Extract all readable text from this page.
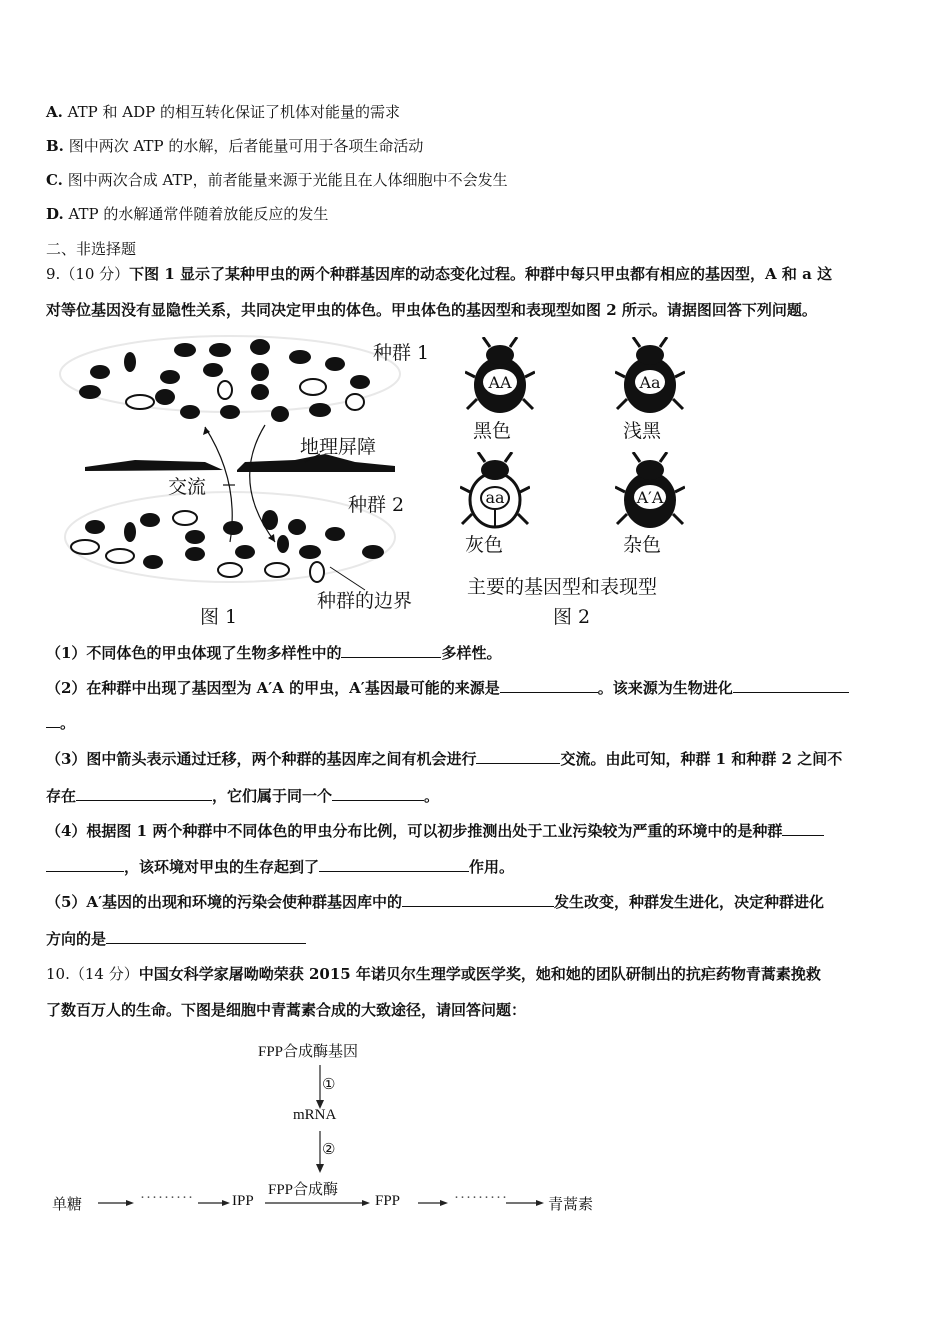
A. ATP 和 ADP 的相互转化保证了机体对能量的需求
B. 图中两次 ATP 的水解，后者能量可用于各项生命活动
C. 图中两次合成 ATP，前者能量来源于光能且在人体细胞中不会发生
D. ATP 的水解通常伴随着放能反应的发生
二、非选择题
9.（10 分）下图 1 显示了某种甲虫的两个种群基因库的动态变化过程。种群中每只甲虫都有相应的基因型，A 和 a 这
对等位基因没有显隐性关系，共同决定甲虫的体色。甲虫体色的基因型和表现型如图 2 所示。请据图回答下列问题。
种群 1
地理屏障
交流
种群 2
种群的边界
图 1
AA
黑色
Aa
浅黑
aa
灰色
A′A
杂色
主要的基因型和表现型
图 2
（1）不同体色的甲虫体现了生物多样性中的	多样性。
（2）在种群中出现了基因型为 A′A 的甲虫，A′基因最可能的来源是	。该来源为生物进化
。
（3）图中箭头表示通过迁移，两个种群的基因库之间有机会进行	交流。由此可知，种群 1 和种群 2 之间不
存在	，它们属于同一个	。
（4）根据图 1 两个种群中不同体色的甲虫分布比例，可以初步推测出处于工业污染较为严重的环境中的是种群
，该环境对甲虫的生存起到了	作用。
（5）A′基因的出现和环境的污染会使种群基因库中的	发生改变，种群发生进化，决定种群进化
方向的是
10.（14 分）中国女科学家屠呦呦荣获 2015 年诺贝尔生理学或医学奖，她和她的团队研制出的抗疟药物青蒿素挽救
了数百万人的生命。下图是细胞中青蒿素合成的大致途径，请回答问题：
FPP合成酶基因
①
mRNA
②
FPP合成酶
单糖	·········	IPP	FPP	·········	青蒿素
